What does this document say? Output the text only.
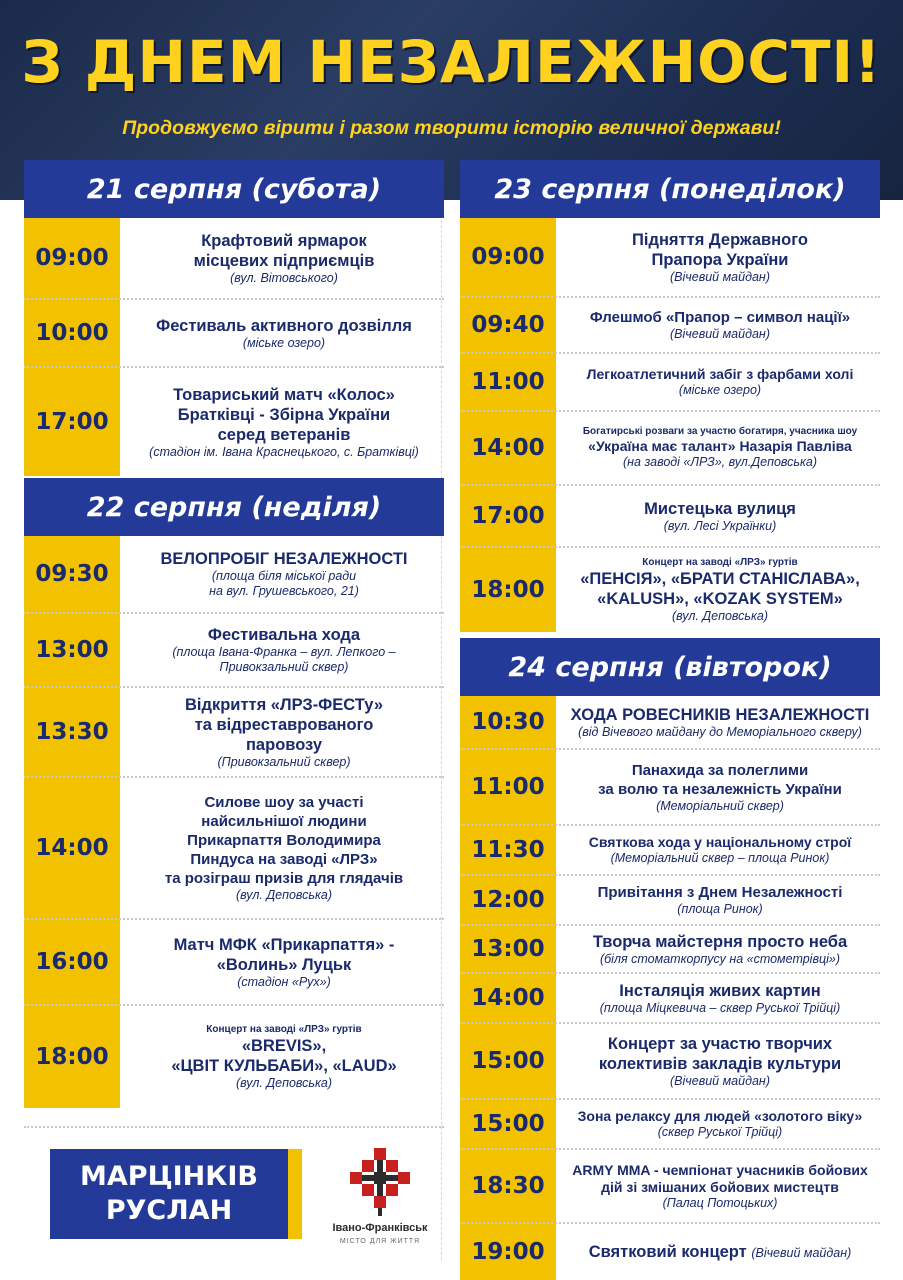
З ДНЕМ НЕЗАЛЕЖНОСТІ!
Продовжуємо вірити і разом творити історію величної держави!
21 серпня (субота)
09:00
Крафтовий ярмарок
місцевих підприємців
(вул. Вітовського)
10:00	Фестиваль активного дозвілля
(міське озеро)
17:00
Товариський матч «Колос»
Братківці - Збірна України
серед ветеранів
(стадіон ім. Івана Краснецького, с. Братківці)
22 серпня (неділя)
09:30
ВЕЛОПРОБІГ НЕЗАЛЕЖНОСТІ
(площа біля міської ради
на вул. Грушевського, 21)
13:00
Фестивальна хода
(площа Івана-Франка – вул. Лепкого –
Привокзальний сквер)
13:30
Відкриття «ЛРЗ-ФЕСТу»
та відреставрованого
паровозу
(Привокзальний сквер)
14:00
Силове шоу за участі
найсильнішої людини
Прикарпаття Володимира
Пиндуса на заводі «ЛРЗ»
та розіграш призів для глядачів
(вул. Деповська)
16:00
Матч МФК «Прикарпаття» -
«Волинь» Луцьк
(стадіон «Рух»)
18:00
Концерт на заводі «ЛРЗ» гуртів
«BREVIS»,
«ЦВІТ КУЛЬБАБИ», «LAUD»
(вул. Деповська)
23 серпня (понеділок)
09:00
Підняття Державного
Прапора України
(Вічевий майдан)
09:40	Флешмоб «Прапор – символ нації»
(Вічевий майдан)
11:00	Легкоатлетичний забіг з фарбами холі
(міське озеро)
14:00
Богатирські розваги за участю богатиря, учасника шоу
«Україна має талант» Назарія Павліва
(на заводі «ЛРЗ», вул.Деповська)
17:00	Мистецька вулиця
(вул. Лесі Українки)
18:00
Концерт на заводі «ЛРЗ» гуртів
«ПЕНСІЯ», «БРАТИ СТАНІСЛАВА»,
«KALUSH», «KOZAK SYSTEM»
(вул. Деповська)
24 серпня (вівторок)
10:30	ХОДА РОВЕСНИКІВ НЕЗАЛЕЖНОСТІ
(від Вічевого майдану до Меморіального скверу)
11:00
Панахида за полеглими
за волю та незалежність України
(Меморіальний сквер)
11:30	Святкова хода у національному строї
(Меморіальний сквер – площа Ринок)
12:00	Привітання з Днем Незалежності
(площа Ринок)
13:00	Творча майстерня просто неба
(біля стоматкорпусу на «стометрівці»)
14:00	Інсталяція живих картин
(площа Міцкевича – сквер Руської Трійці)
15:00
Концерт за участю творчих
колективів закладів культури
(Вічевий майдан)
15:00	Зона релаксу для людей «золотого віку»
(сквер Руської Трійці)
18:30
ARMY MMA - чемпіонат учасників бойових
дій зі змішаних бойових мистецтв
(Палац Потоцьких)
19:00	Святковий концерт (Вічевий майдан)
МАРЦІНКІВ
РУСЛАН
Івано-Франківськ
МІСТО ДЛЯ ЖИТТЯ
